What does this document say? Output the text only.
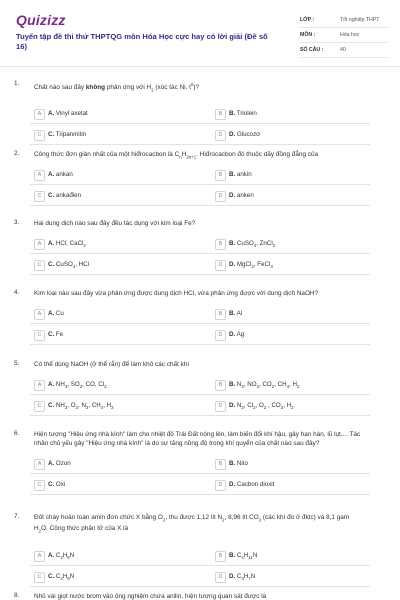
Quizizz
Tuyển tập đề thi thử THPTQG môn Hóa Học cực hay có lời giải (Đề số 16)
LỚP :	Tốt nghiệp THPT
MÔN :	Hóa học
SỐ CÂU :	40
1.
Chất nào sau đây không phản ứng với $H_2$ (xúc tác Ni, $t^0$)?
A	A. Vinyl axetat	B	B. Triolein
C	C. Tripanmitin	D	D. Glucozơ
2. Công thức đơn giản nhất của một hiđrocacbon là $C_nH_{2n+1}$. Hiđrocacbon đó thuộc dãy đồng đẳng của
A	A. ankan	B	B. ankin
C	C. ankađien	D	D. anken
3. Hai dung dịch nào sau đây đều tác dụng với kim loại Fe?
A	A. HCl, CaCl$_2$	B	B. CuSO$_4$, ZnCl$_2$
C	C. CuSO$_4$, HCl	D	D. MgCl$_2$, FeCl$_3$
4. Kim loại nào sau đây vừa phản ứng được dung dịch HCl, vừa phản ứng được với dung dịch NaOH?
A	A. Cu	B	B. Al
C	C. Fe	D	D. Ag
5. Có thể dùng NaOH (ở thể rắn) để làm khô các chất khí
A	A. $NH_3$, $SO_2$, CO, $Cl_2$	B	B. $N_2$, $NO_2$, $CO_2$, $CH_4$, $H_2$
C	C. $NH_3$, $O_2$, $N_2$, $CH_4$, $H_2$	D	D. $N_2$, $Cl_2$, $O_2$ , $CO_2$, $H_2$
6. Hiện tượng "Hiệu ứng nhà kính" làm cho nhiệt độ Trái Đất nóng lên, làm biến đổi khí hậu, gây hạn hán, lũ lụt,... Tác nhân chủ yếu gây "Hiệu ứng nhà kính" là do sự tăng nồng độ trong khí quyển của chất nào sau đây?
A	A. Ozon	B	B. Nito
C	C. Oxi	D	D. Cacbon dioxit
7. Đốt cháy hoàn toàn amin đơn chức X bằng $O_2$, thu được 1,12 lít $N_2$, 8,96 lít $CO_2$ (các khí đo ở đktc) và 8,1 gam $H_2O$. Công thức phân tử của X là
A	A. $C_3H_9N$	B	B. $C_4H_{11}N$
C	C. $C_4H_9N$	D	D. $C_3H_7N$
8. Nhỏ vài giọt nước brom vào ống nghiệm chứa anilin, hiện tượng quan sát được là
